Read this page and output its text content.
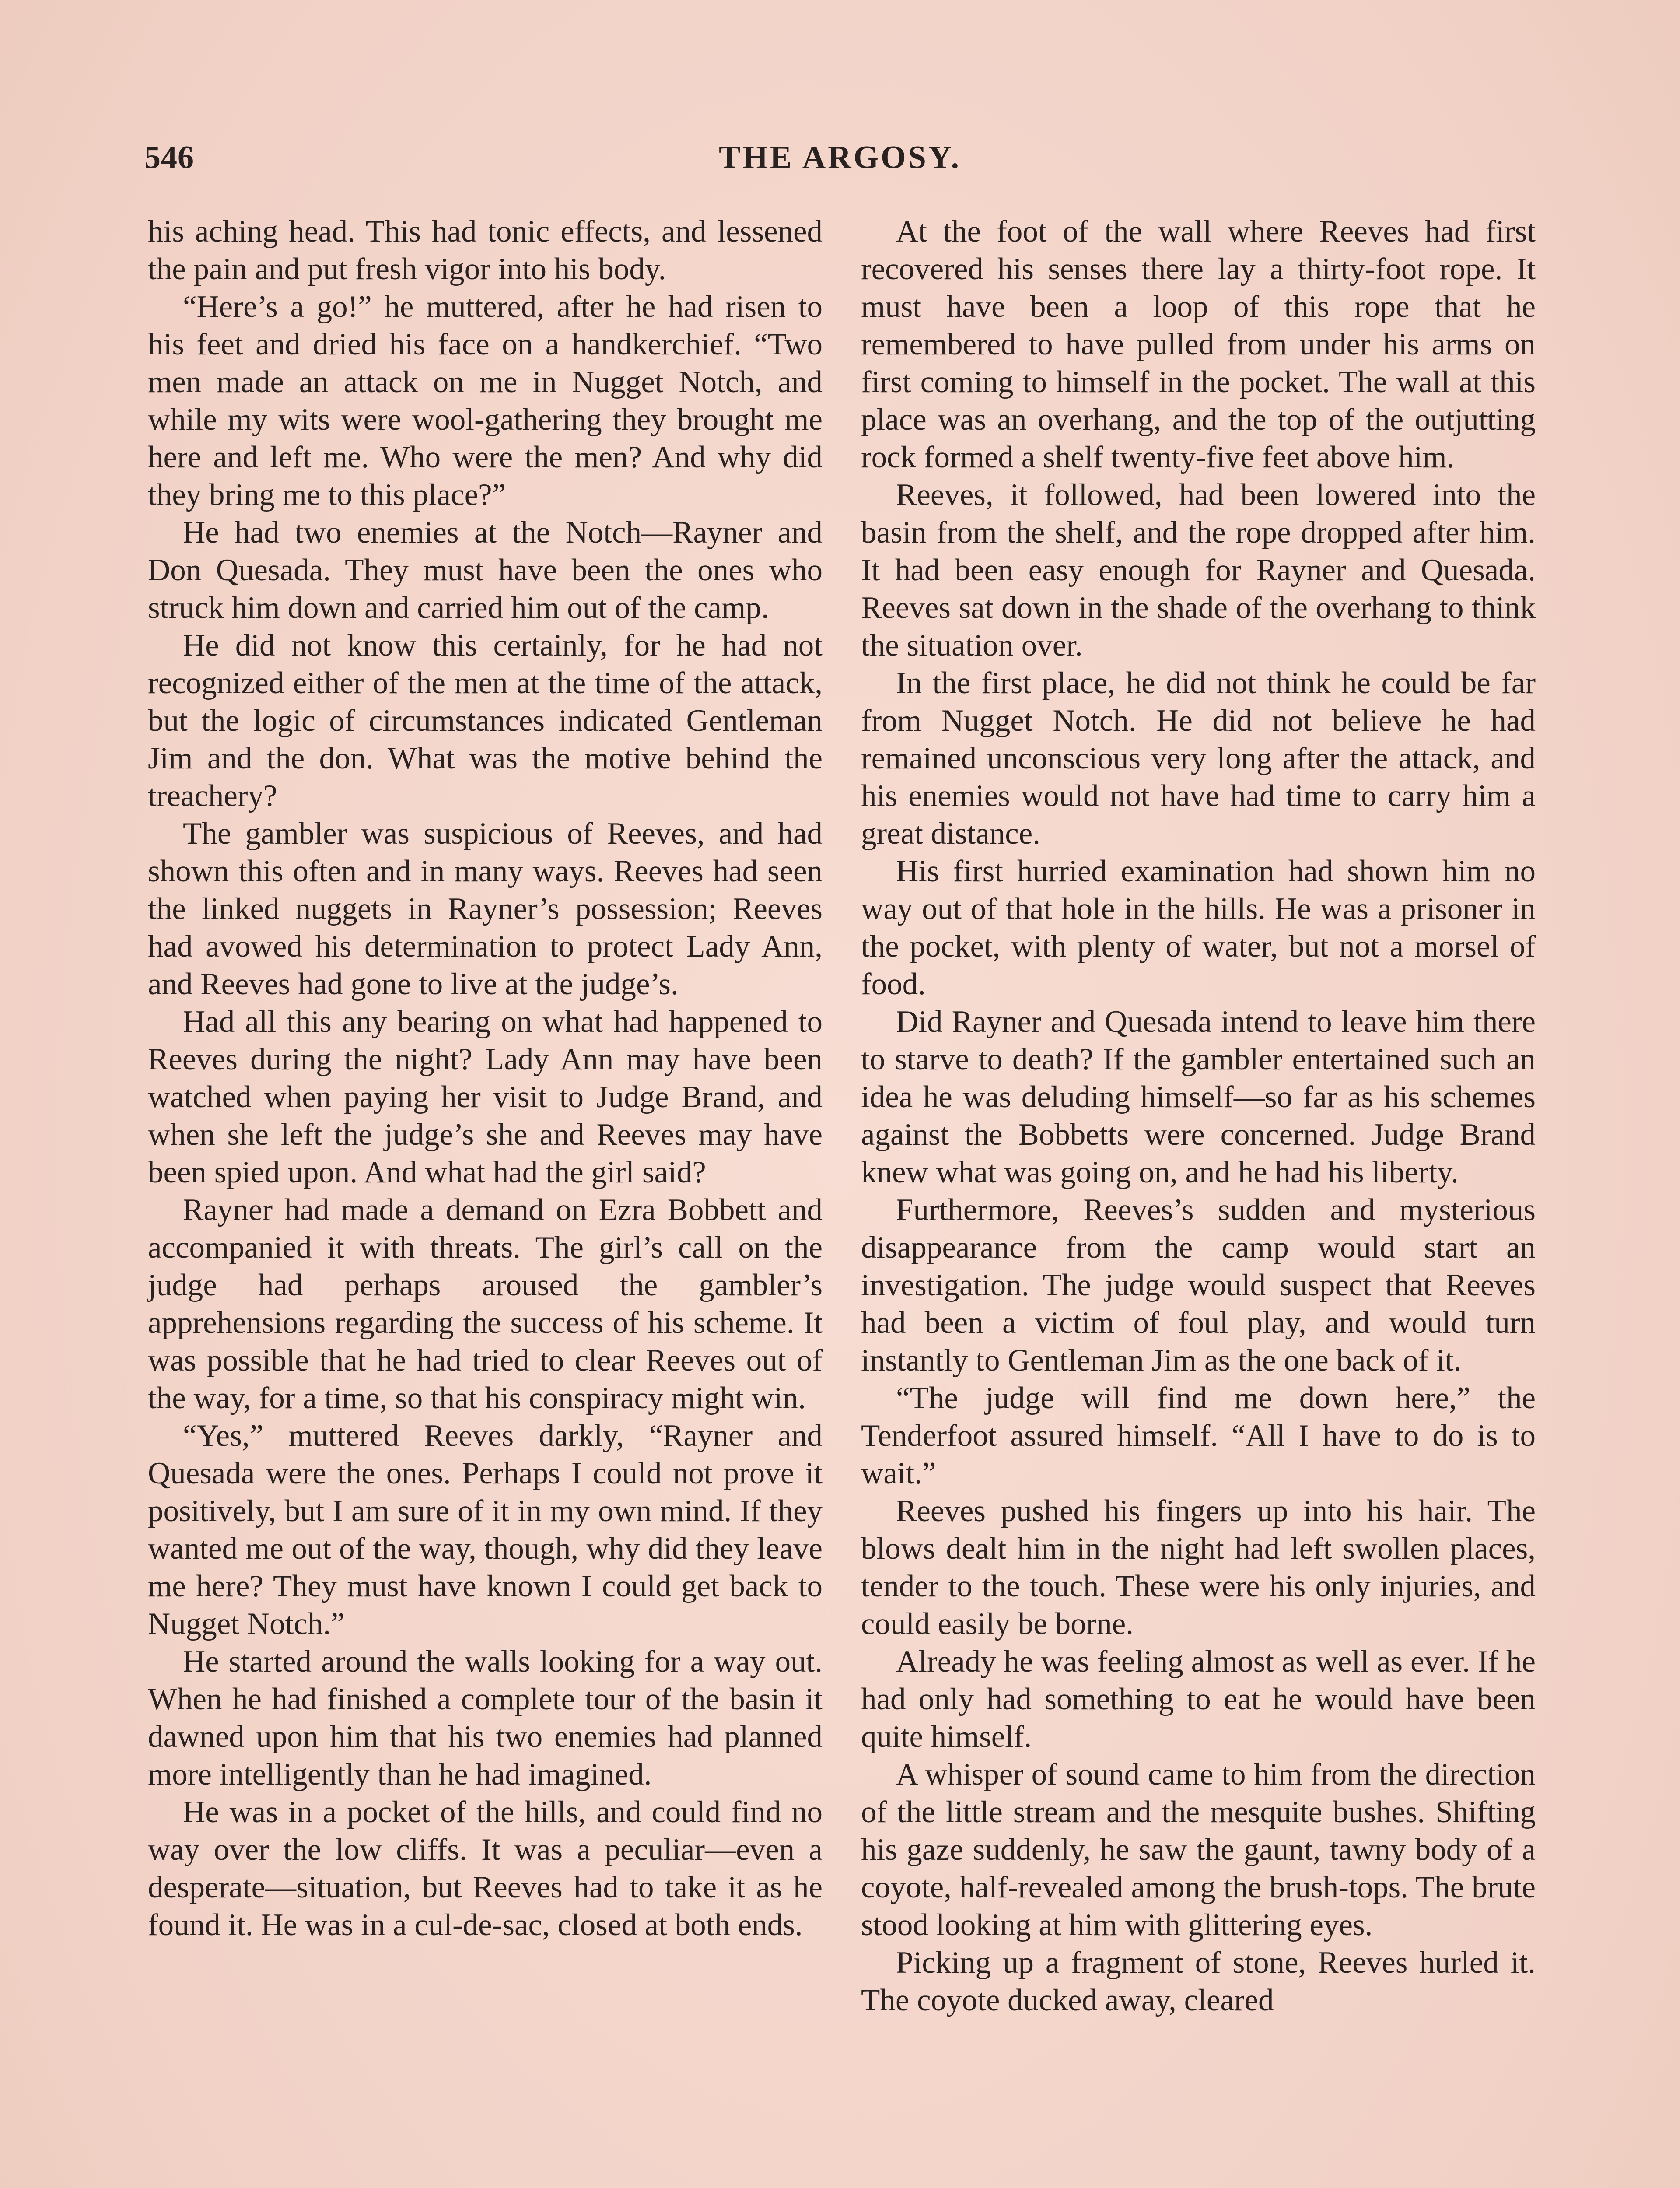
546	THE ARGOSY.

his aching head. This had tonic effects, and lessened the pain and put fresh vigor into his body.

“Here’s a go!” he muttered, after he had risen to his feet and dried his face on a handkerchief. “Two men made an attack on me in Nugget Notch, and while my wits were wool-gathering they brought me here and left me. Who were the men? And why did they bring me to this place?”

He had two enemies at the Notch—Rayner and Don Quesada. They must have been the ones who struck him down and carried him out of the camp.

He did not know this certainly, for he had not recognized either of the men at the time of the attack, but the logic of circumstances indicated Gentleman Jim and the don. What was the motive behind the treachery?

The gambler was suspicious of Reeves, and had shown this often and in many ways. Reeves had seen the linked nuggets in Rayner’s possession; Reeves had avowed his determination to protect Lady Ann, and Reeves had gone to live at the judge’s.

Had all this any bearing on what had happened to Reeves during the night? Lady Ann may have been watched when paying her visit to Judge Brand, and when she left the judge’s she and Reeves may have been spied upon. And what had the girl said?

Rayner had made a demand on Ezra Bobbett and accompanied it with threats. The girl’s call on the judge had perhaps aroused the gambler’s apprehensions regarding the success of his scheme. It was possible that he had tried to clear Reeves out of the way, for a time, so that his conspiracy might win.

“Yes,” muttered Reeves darkly, “Rayner and Quesada were the ones. Perhaps I could not prove it positively, but I am sure of it in my own mind. If they wanted me out of the way, though, why did they leave me here? They must have known I could get back to Nugget Notch.”

He started around the walls looking for a way out. When he had finished a complete tour of the basin it dawned upon him that his two enemies had planned more intelligently than he had imagined.

He was in a pocket of the hills, and could find no way over the low cliffs. It was a peculiar—even a desperate—situation, but Reeves had to take it as he found it. He was in a cul-de-sac, closed at both ends.

At the foot of the wall where Reeves had first recovered his senses there lay a thirty-foot rope. It must have been a loop of this rope that he remembered to have pulled from under his arms on first coming to himself in the pocket. The wall at this place was an overhang, and the top of the outjutting rock formed a shelf twenty-five feet above him.

Reeves, it followed, had been lowered into the basin from the shelf, and the rope dropped after him. It had been easy enough for Rayner and Quesada. Reeves sat down in the shade of the overhang to think the situation over.

In the first place, he did not think he could be far from Nugget Notch. He did not believe he had remained unconscious very long after the attack, and his enemies would not have had time to carry him a great distance.

His first hurried examination had shown him no way out of that hole in the hills. He was a prisoner in the pocket, with plenty of water, but not a morsel of food.

Did Rayner and Quesada intend to leave him there to starve to death? If the gambler entertained such an idea he was deluding himself—so far as his schemes against the Bobbetts were concerned. Judge Brand knew what was going on, and he had his liberty.

Furthermore, Reeves’s sudden and mysterious disappearance from the camp would start an investigation. The judge would suspect that Reeves had been a victim of foul play, and would turn instantly to Gentleman Jim as the one back of it.

“The judge will find me down here,” the Tenderfoot assured himself. “All I have to do is to wait.”

Reeves pushed his fingers up into his hair. The blows dealt him in the night had left swollen places, tender to the touch. These were his only injuries, and could easily be borne.

Already he was feeling almost as well as ever. If he had only had something to eat he would have been quite himself.

A whisper of sound came to him from the direction of the little stream and the mesquite bushes. Shifting his gaze suddenly, he saw the gaunt, tawny body of a coyote, half-revealed among the brush-tops. The brute stood looking at him with glittering eyes.

Picking up a fragment of stone, Reeves hurled it. The coyote ducked away, cleared
